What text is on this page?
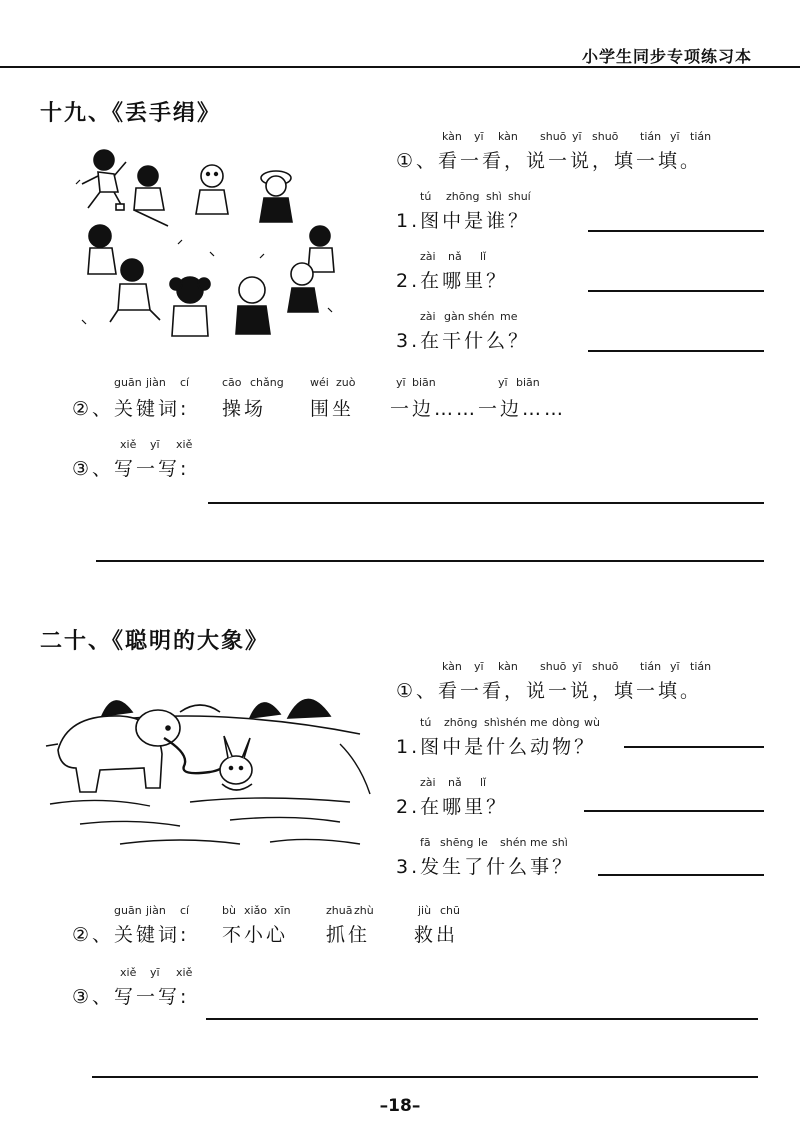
小学生同步专项练习本
十九、《丢手绢》
kàn yī kàn shuō yī shuō tián yī tián
①、看一看，说一说，填一填。
tú zhōng shì shuí
1.图中是谁？
zài nǎ lǐ
2.在哪里？
zài gàn shén me
3.在干什么？
guān jiàn cí	cāo chǎng wéi zuò	yī biān	yī biān
②、关键词: 操场 围坐 一边……一边……
xiě yī xiě
③、写一写:
二十、《聪明的大象》
kàn yī kàn shuō yī shuō tián yī tián
①、看一看，说一说，填一填。
tú zhōng shì shén me dòng wù
1.图中是什么动物？
zài nǎ lǐ
2.在哪里？
fā shēng le shén me shì
3.发生了什么事？
guān jiàn cí	bù xiǎo xīn	zhuā zhù	jiù chū
②、关键词: 不小心 抓住 救出
xiě yī xiě
③、写一写:
–18–
